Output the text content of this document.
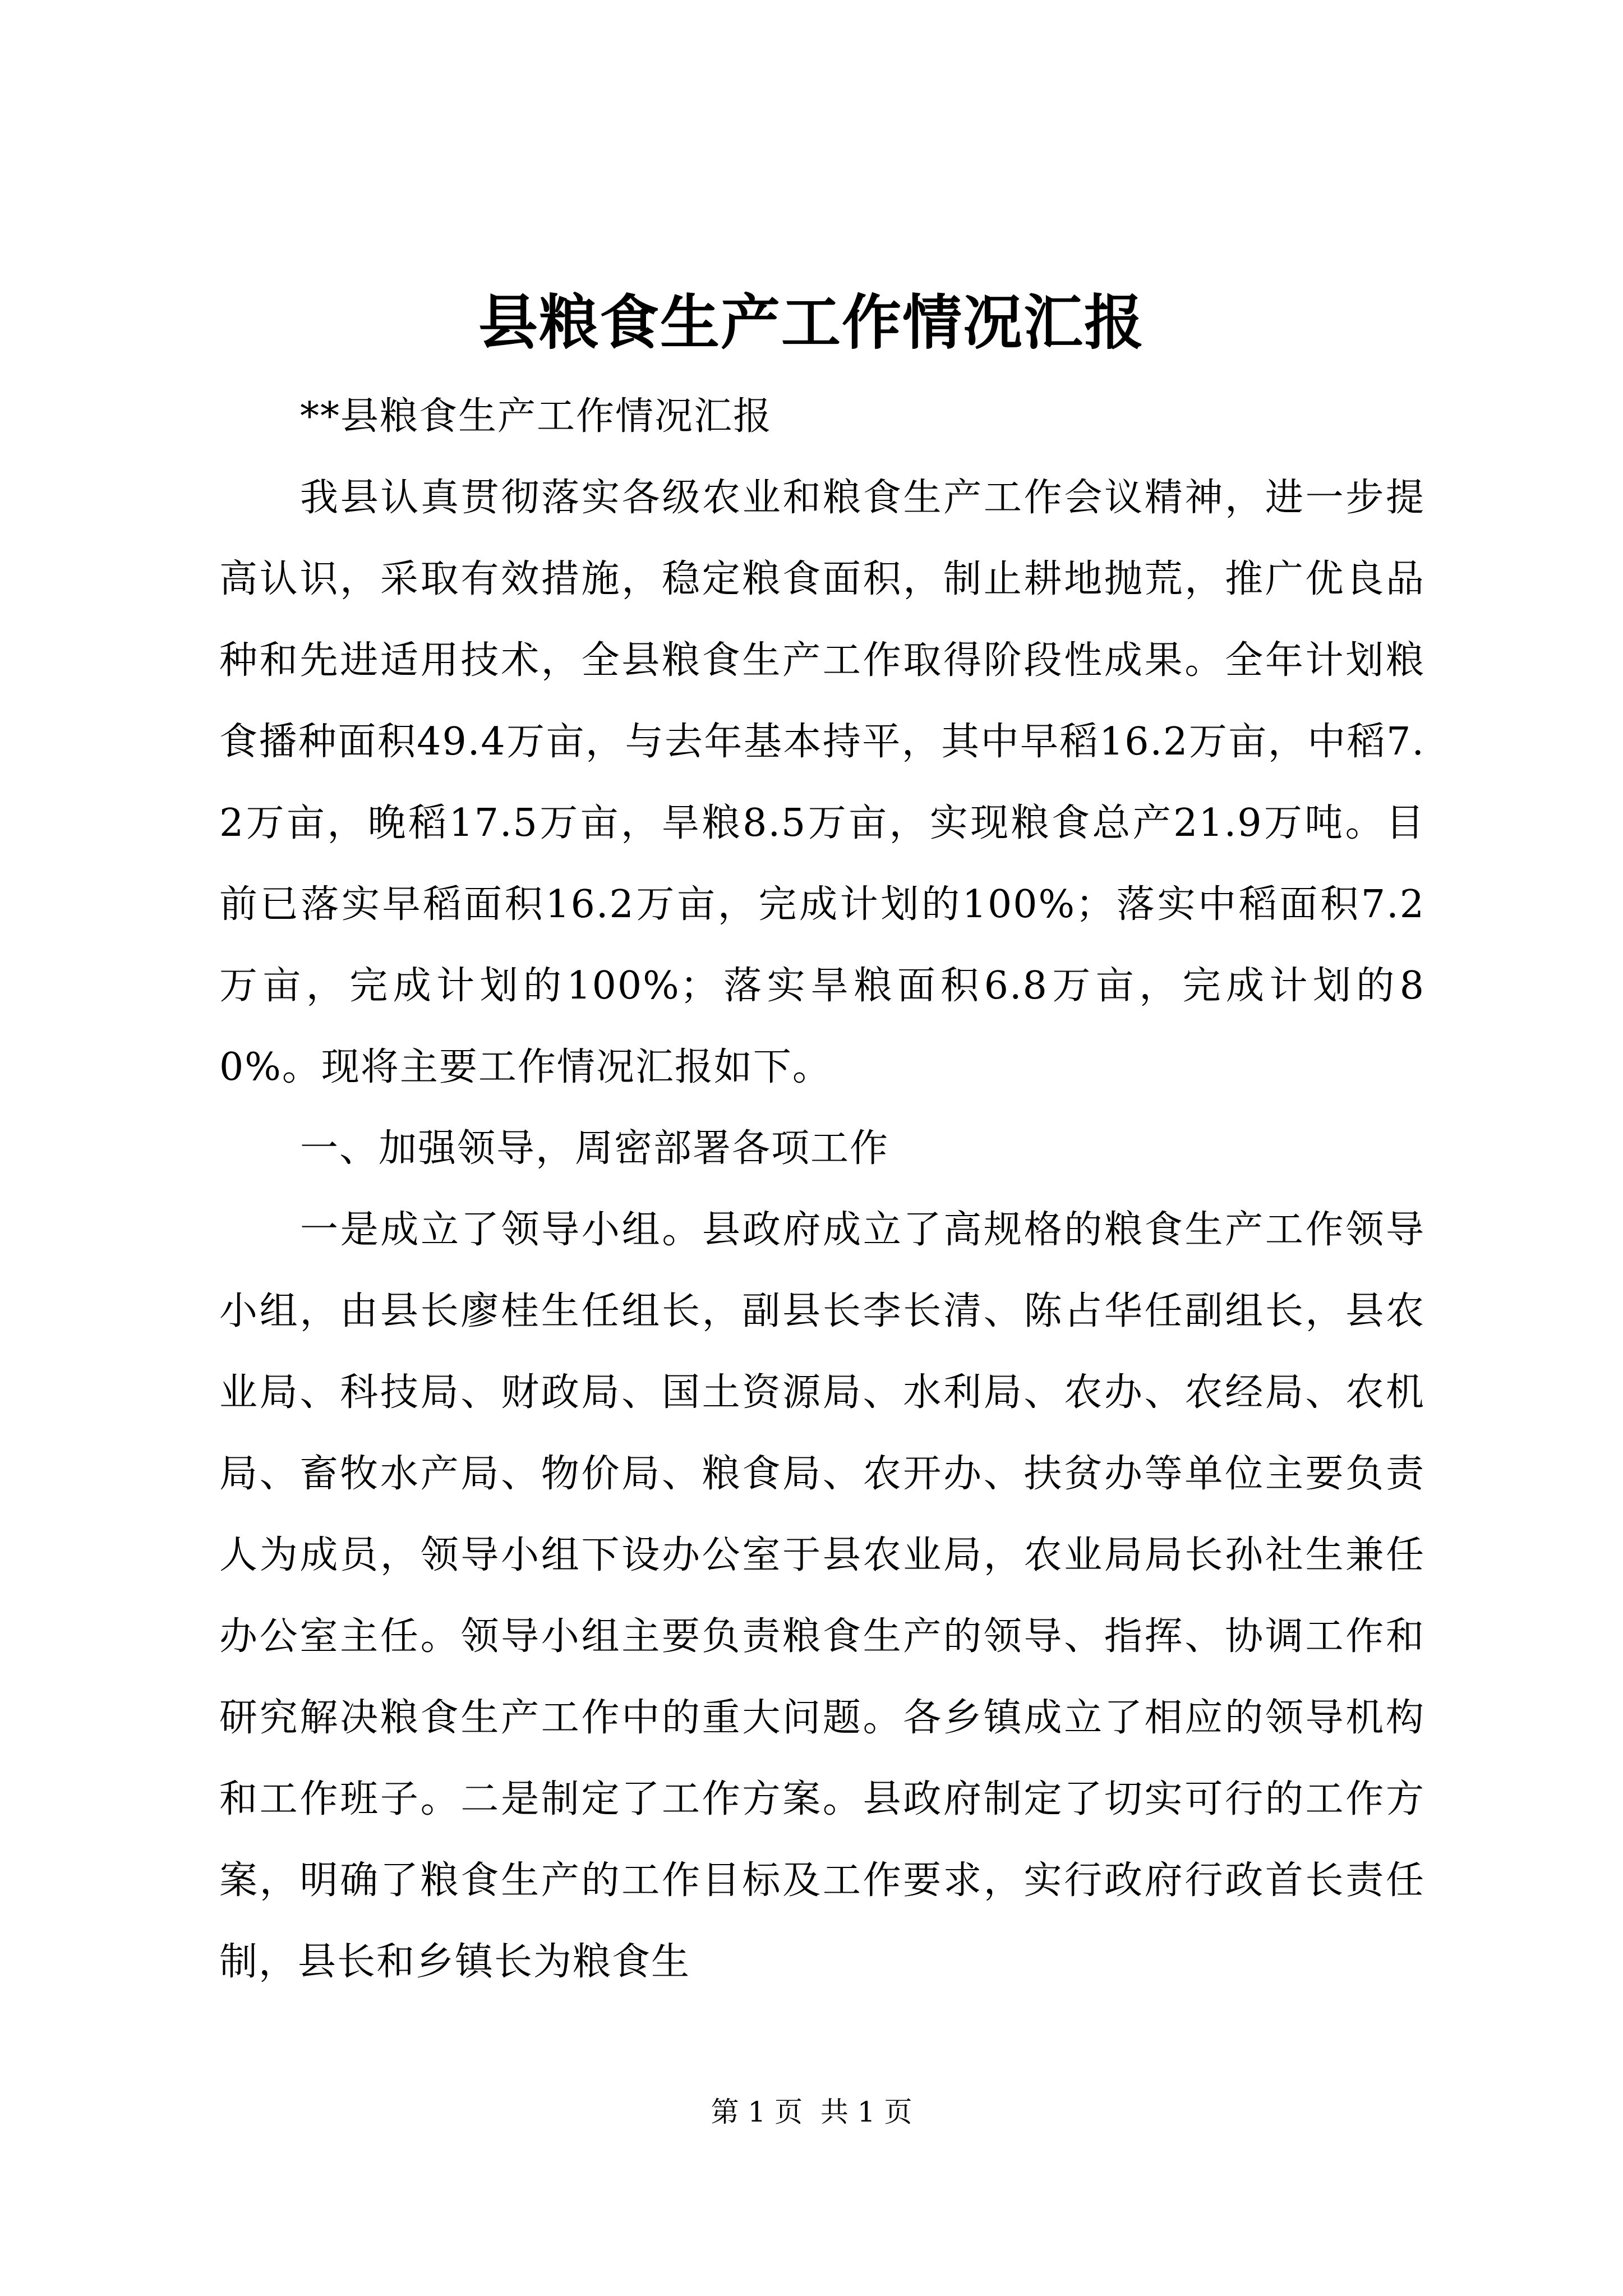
县粮食生产工作情况汇报

**县粮食生产工作情况汇报

我县认真贯彻落实各级农业和粮食生产工作会议精神，进一步提高认识，采取有效措施，稳定粮食面积，制止耕地抛荒，推广优良品种和先进适用技术，全县粮食生产工作取得阶段性成果。全年计划粮食播种面积49.4万亩，与去年基本持平，其中早稻16.2万亩，中稻7.2万亩，晚稻17.5万亩，旱粮8.5万亩，实现粮食总产21.9万吨。目前已落实早稻面积16.2万亩，完成计划的100%；落实中稻面积7.2万亩，完成计划的100%；落实旱粮面积6.8万亩，完成计划的80%。现将主要工作情况汇报如下。

一、加强领导，周密部署各项工作

一是成立了领导小组。县政府成立了高规格的粮食生产工作领导小组，由县长廖桂生任组长，副县长李长清、陈占华任副组长，县农业局、科技局、财政局、国土资源局、水利局、农办、农经局、农机局、畜牧水产局、物价局、粮食局、农开办、扶贫办等单位主要负责人为成员，领导小组下设办公室于县农业局，农业局局长孙社生兼任办公室主任。领导小组主要负责粮食生产的领导、指挥、协调工作和研究解决粮食生产工作中的重大问题。各乡镇成立了相应的领导机构和工作班子。二是制定了工作方案。县政府制定了切实可行的工作方案，明确了粮食生产的工作目标及工作要求，实行政府行政首长责任制，县长和乡镇长为粮食生

第 1 页  共 1 页
